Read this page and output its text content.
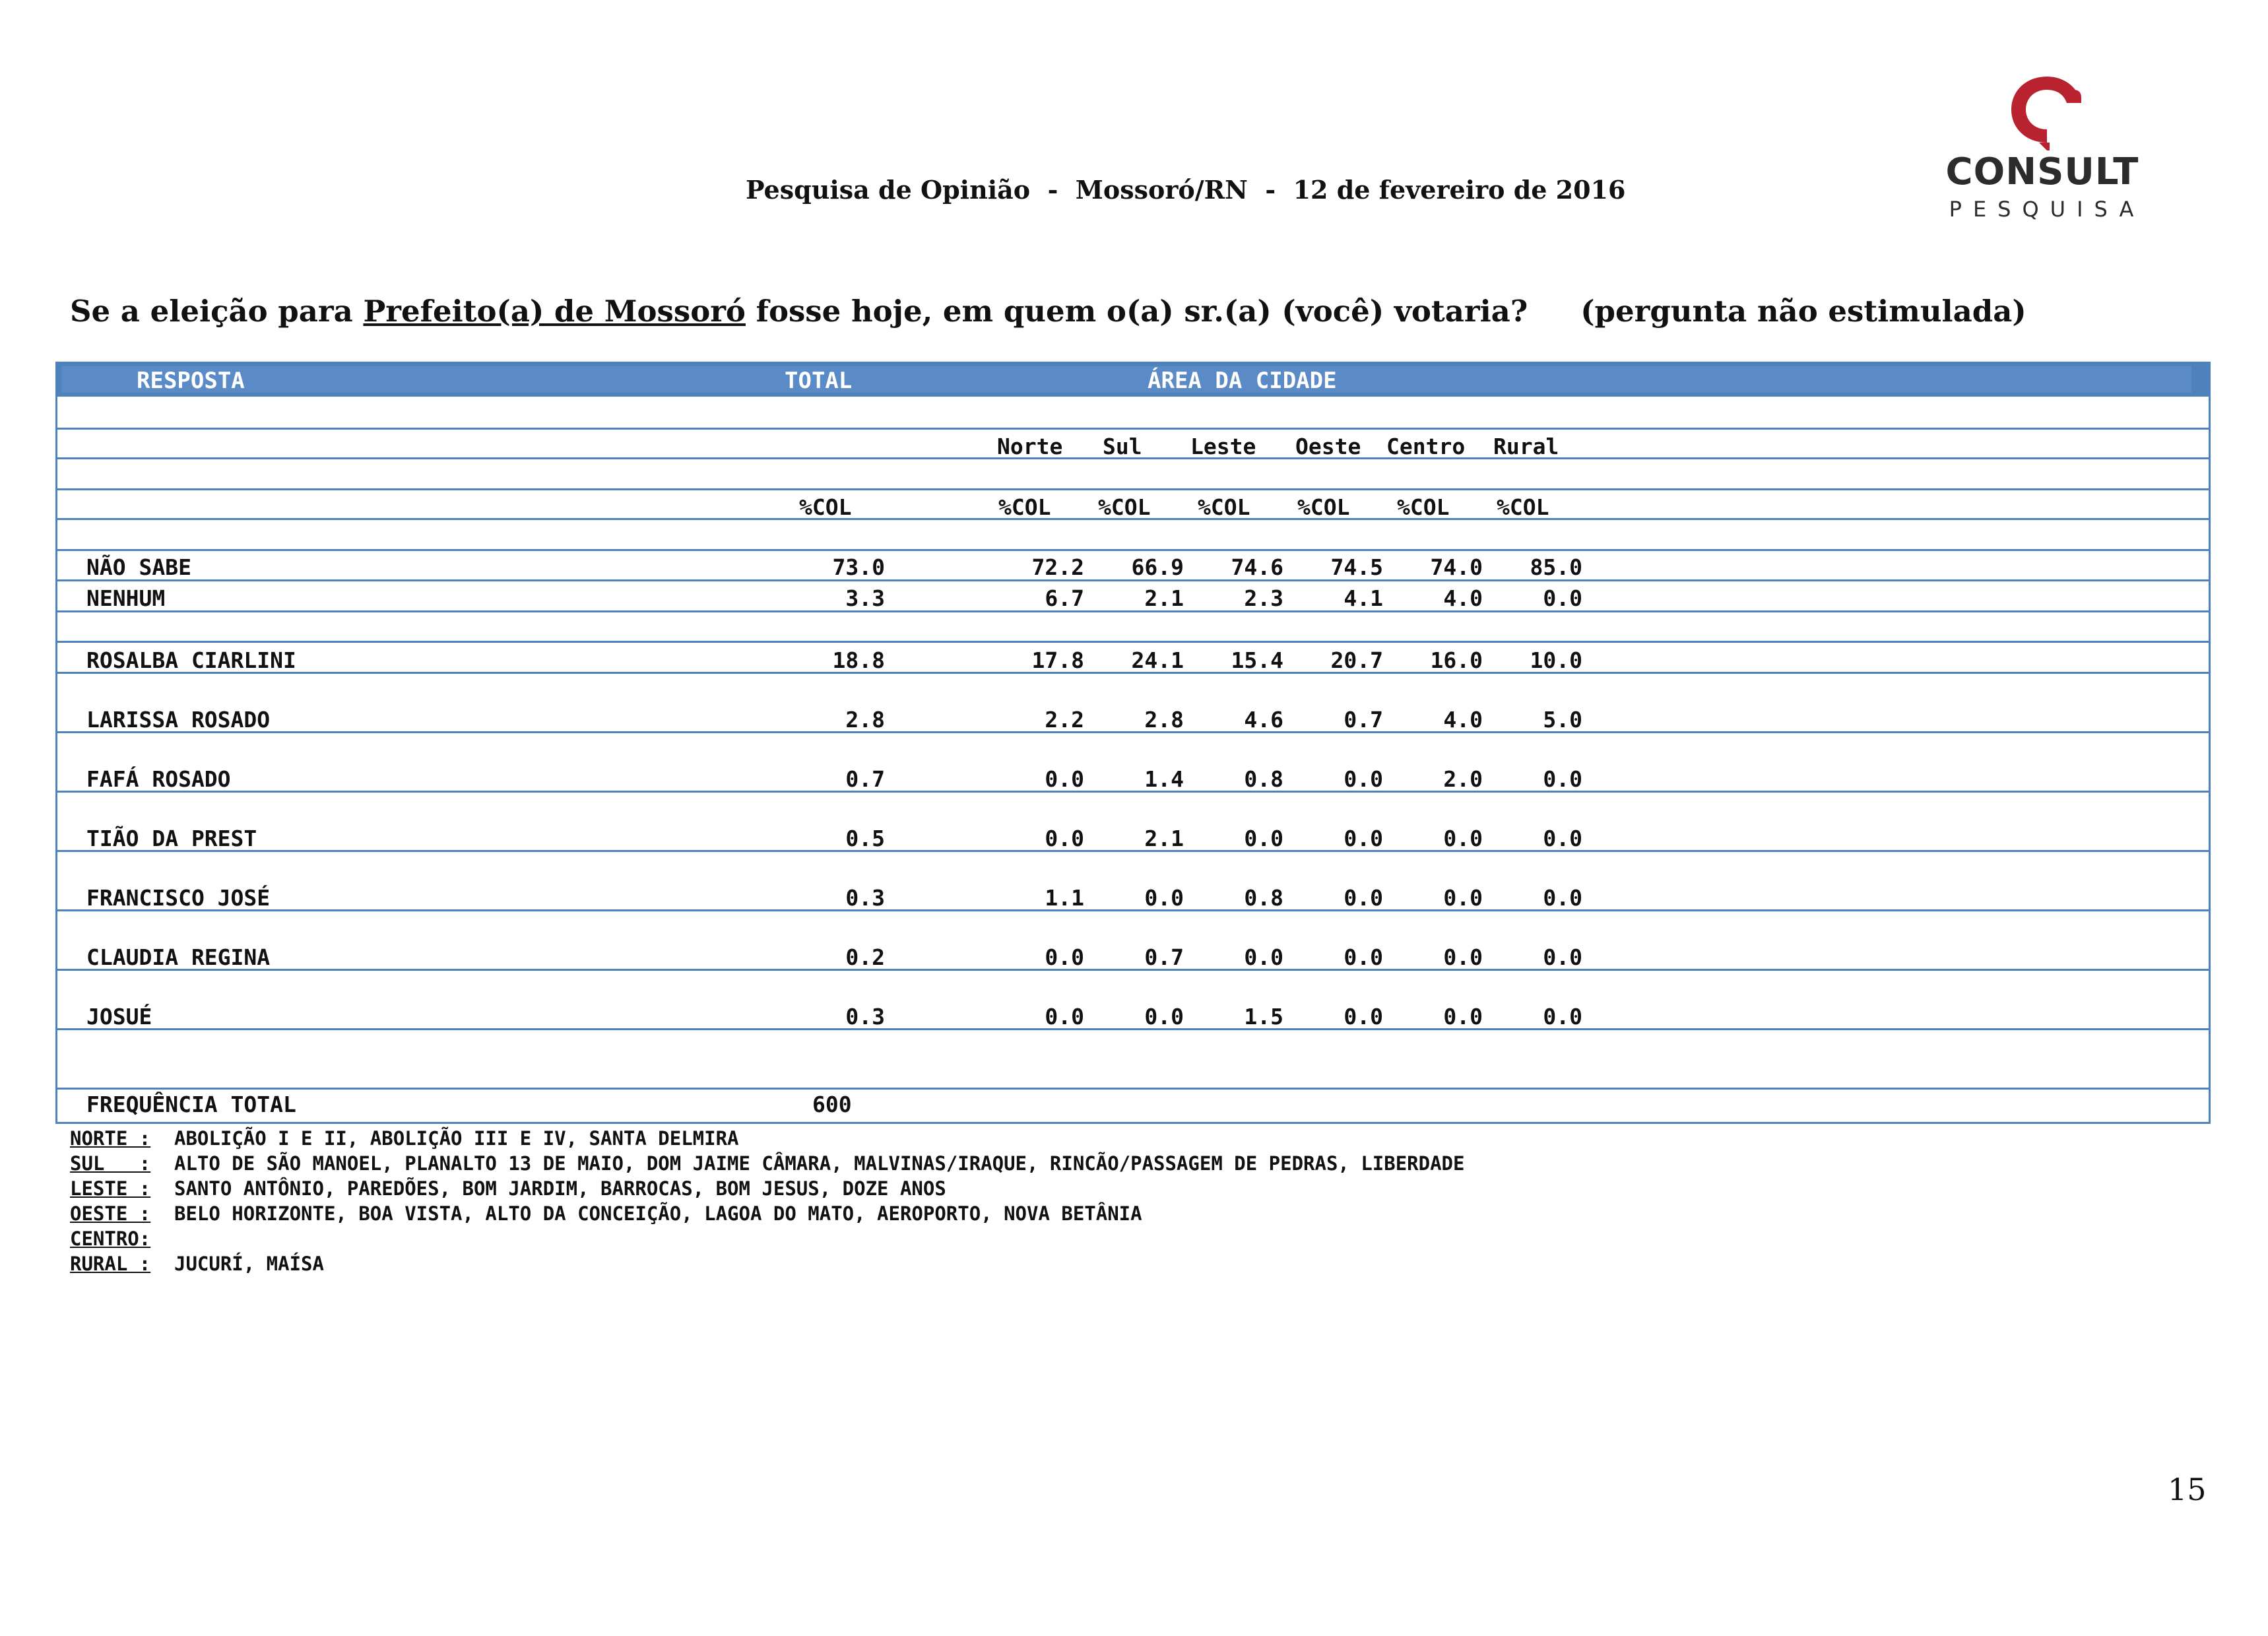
Pesquisa de Opinião  -  Mossoró/RN  -  12 de fevereiro de 2016	CONSULT
PESQUISA
Se a eleição para Prefeito(a) de Mossoró fosse hoje, em quem o(a) sr.(a) (você) votaria? (pergunta não estimulada)
RESPOSTA	TOTAL	ÁREA DA CIDADE
Norte Sul Leste Oeste Centro Rural
%COL	%COL %COL %COL %COL %COL %COL
NÃO SABE	73.0	72.2	66.9	74.6	74.5	74.0	85.0
NENHUM	3.3	6.7	2.1	2.3	4.1	4.0	0.0
ROSALBA CIARLINI	18.8	17.8	24.1	15.4	20.7	16.0	10.0
LARISSA ROSADO	2.8	2.2	2.8	4.6	0.7	4.0	5.0
FAFÁ ROSADO	0.7	0.0	1.4	0.8	0.0	2.0	0.0
TIÃO DA PREST	0.5	0.0	2.1	0.0	0.0	0.0	0.0
FRANCISCO JOSÉ	0.3	1.1	0.0	0.8	0.0	0.0	0.0
CLAUDIA REGINA	0.2	0.0	0.7	0.0	0.0	0.0	0.0
JOSUÉ	0.3	0.0	0.0	1.5	0.0	0.0	0.0
FREQUÊNCIA TOTAL	600
NORTE : ABOLIÇÃO I E II, ABOLIÇÃO III E IV, SANTA DELMIRA
SUL   : ALTO DE SÃO MANOEL, PLANALTO 13 DE MAIO, DOM JAIME CÂMARA, MALVINAS/IRAQUE, RINCÃO/PASSAGEM DE PEDRAS, LIBERDADE
LESTE : SANTO ANTÔNIO, PAREDÕES, BOM JARDIM, BARROCAS, BOM JESUS, DOZE ANOS
OESTE : BELO HORIZONTE, BOA VISTA, ALTO DA CONCEIÇÃO, LAGOA DO MATO, AEROPORTO, NOVA BETÂNIA
CENTRO:
RURAL : JUCURÍ, MAÍSA
15
